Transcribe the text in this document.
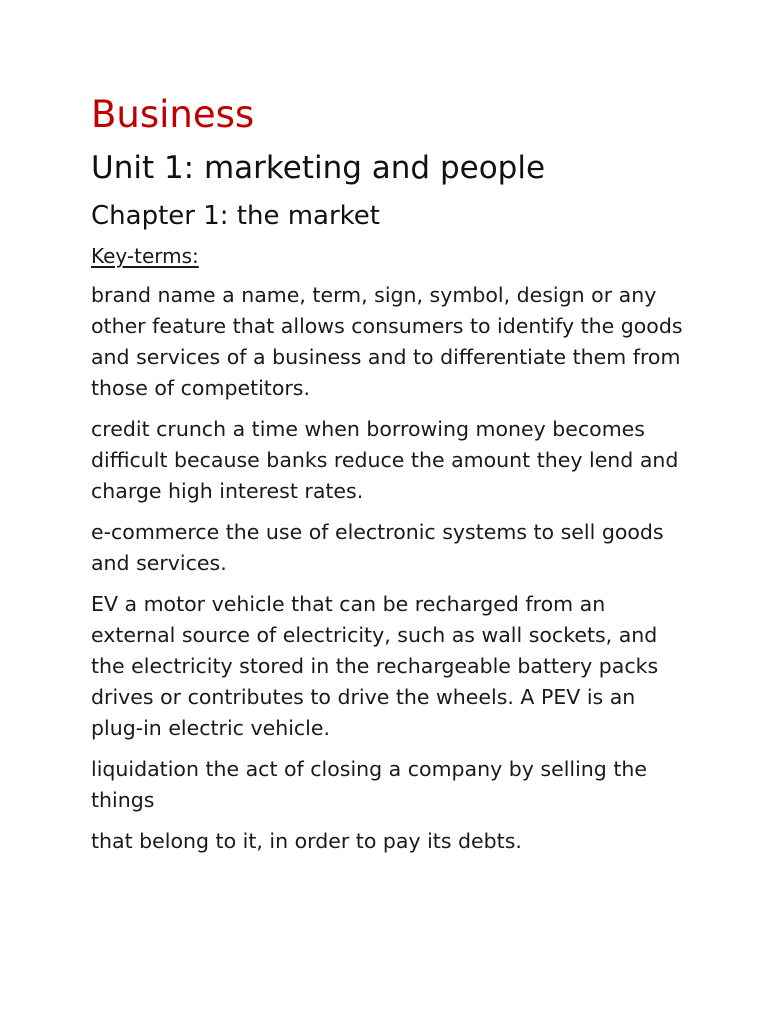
Business
Unit 1: marketing and people
Chapter 1: the market

Key-terms:

brand name a name, term, sign, symbol, design or any other feature that allows consumers to identify the goods and services of a business and to differentiate them from those of competitors.

credit crunch a time when borrowing money becomes difficult because banks reduce the amount they lend and charge high interest rates.

e-commerce the use of electronic systems to sell goods and services.

EV a motor vehicle that can be recharged from an external source of electricity, such as wall sockets, and the electricity stored in the rechargeable battery packs drives or contributes to drive the wheels. A PEV is an plug-in electric vehicle.

liquidation the act of closing a company by selling the things

that belong to it, in order to pay its debts.
